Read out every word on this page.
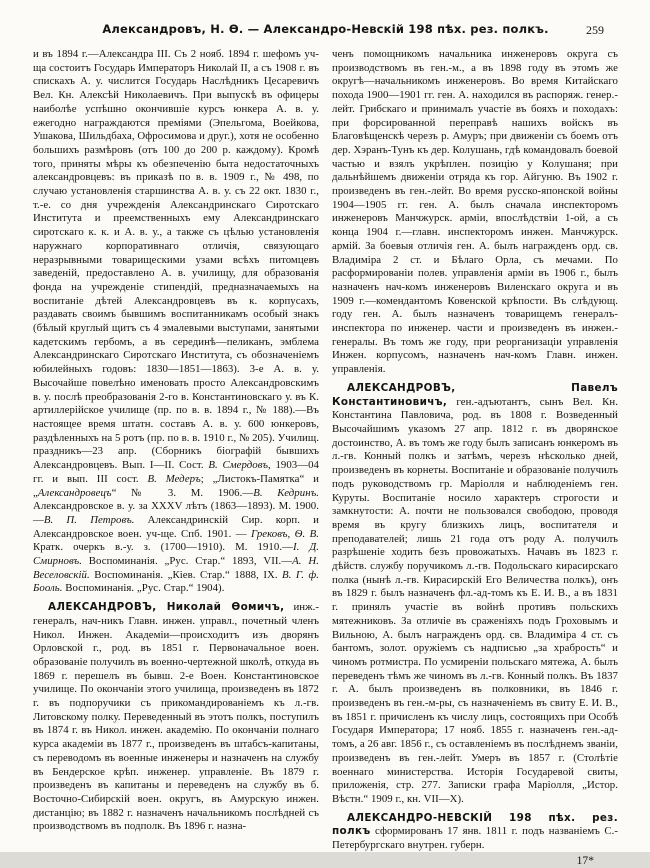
Александровъ, Н. Ѳ. — Александро-Невскій 198 пѣх. рез. полкъ.	259

и въ 1894 г.—Александра III. Съ 2 нояб. 1894 г. шефомъ уч-ща состоитъ Государь Императоръ Николай II, а съ 1908 г. въ спискахъ А. у. числится Государь Наслѣдникъ Цесаревичъ Вел. Кн. Алексѣй Николаевичъ. При выпускѣ въ офицеры наиболѣе успѣшно окончившіе курсъ юнкера А. в. у. ежегодно награждаются преміями (Эпельгома, Воейкова, Ушакова, Шильдбаха, Офросимова и друг.), хотя не особенно большихъ размѣровъ (отъ 100 до 200 р. каждому). Кромѣ того, приняты мѣры къ обезпеченію быта недостаточныхъ александровцевъ: въ приказѣ по в. в. 1909 г., № 498, по случаю установленія старшинства А. в. у. съ 22 окт. 1830 г., т.-е. со дня учрежденія Александринскаго Сиротскаго Института и преемственныхъ ему Александринскаго сиротскаго к. к. и А. в. у., а также съ цѣлью установленія наружнаго корпоративнаго отличія, связующаго неразрывными товарищескими узами всѣхъ питомцевъ заведеній, предоставлено А. в. училищу, для образованія фонда на учрежденіе стипендій, предназначаемыхъ на воспитаніе дѣтей Александровцевъ въ к. корпусахъ, раздавать своимъ бывшимъ воспитанникамъ особый знакъ (бѣлый круглый щитъ съ 4 эмалевыми выступами, занятыми кадетскимъ гербомъ, а въ серединѣ—пеликанъ, эмблема Александринскаго Сиротскаго Института, съ обозначеніемъ юбилейныхъ годовъ: 1830—1851—1863). 3-е А. в. у. Высочайше повелѣно именовать просто Александровскимъ в. у. послѣ преобразованія 2-го в. Константиновскаго у. въ К. артиллерійское училище (пр. по в. в. 1894 г., № 188).—Въ настоящее время штатн. составъ А. в. у. 600 юнкеровъ, раздѣленныхъ на 5 ротъ (пр. по в. в. 1910 г., № 205). Училищ. праздникъ—23 апр. (Сборникъ біографій бывшихъ Александровцевъ. Вып. I—II. Сост. В. Смердовъ, 1903—04 гг. и вып. III сост. В. Медеръ; „Листокъ-Памятка“ и „Александровецъ“ № 3. М. 1906.—В. Кедринъ. Александровское в. у. за XXXV лѣтъ (1863—1893). М. 1900.—В. П. Петровъ. Александринскій Сир. корп. и Александровское воен. уч-ще. Спб. 1901. — Грековъ, Ѳ. В. Кратк. очеркъ в.-у. з. (1700—1910). М. 1910.—І. Д. Смирновъ. Воспоминанія. „Рус. Стар.“ 1893, VII.—А. Н. Веселовскій. Воспоминанія. „Кіев. Стар.“ 1888, IX. В. Г. ф. Бооль. Воспоминанія. „Рус. Стар.“ 1904).

АЛЕКСАНДРОВЪ, Николай Ѳомичъ, инж.-генералъ, нач-никъ Главн. инжен. управл., почетный членъ Никол. Инжен. Академіи—происходитъ изъ дворянъ Орловской г., род. въ 1851 г. Первоначальное воен. образованіе получилъ въ военно-чертежной школѣ, откуда въ 1869 г. перешелъ въ бывш. 2-е Воен. Константиновское училище. По окончаніи этого училища, произведенъ въ 1872 г. въ подпоручики съ прикомандированіемъ къ л.-гв. Литовскому полку. Переведенный въ этотъ полкъ, поступилъ въ 1874 г. въ Никол. инжен. академію. По окончаніи полнаго курса академіи въ 1877 г., произведенъ въ штабсъ-капитаны, съ переводомъ въ военные инженеры и назначенъ на службу въ Бендерское крѣп. инженер. управленіе. Въ 1879 г. произведенъ въ капитаны и переведенъ на службу въ б. Восточно-Сибирскій воен. округъ, въ Амурскую инжен. дистанцію; въ 1882 г. назначенъ начальникомъ послѣдней съ производствомъ въ подполк. Въ 1896 г. назна-

ченъ помощникомъ начальника инженеровъ округа съ производствомъ въ ген.-м., а въ 1898 году въ этомъ же округѣ—начальникомъ инженеровъ. Во время Китайскаго похода 1900—1901 гг. ген. А. находился въ распоряж. генер.-лейт. Грибскаго и принималъ участіе въ бояхъ и походахъ: при форсированной переправѣ нашихъ войскъ въ Благовѣщенскѣ черезъ р. Амуръ; при движеніи съ боемъ отъ дер. Хэранъ-Тунъ къ дер. Колушань, гдѣ командовалъ боевой частью и взялъ укрѣплен. позицію у Колушаня; при дальнѣйшемъ движеніи отряда къ гор. Айгуню. Въ 1902 г. произведенъ въ ген.-лейт. Во время русско-японской войны 1904—1905 гг. ген. А. былъ сначала инспекторомъ инженеровъ Манчжурск. арміи, впослѣдствіи 1-ой, а съ конца 1904 г.—главн. инспекторомъ инжен. Манчжурск. армій. За боевыя отличія ген. А. былъ награжденъ орд. св. Владиміра 2 ст. и Бѣлаго Орла, съ мечами. По расформированіи полев. управленія арміи въ 1906 г., былъ назначенъ нач-комъ инженеровъ Виленскаго округа и въ 1909 г.—комендантомъ Ковенской крѣпости. Въ слѣдующ. году ген. А. былъ назначенъ товарищемъ генералъ-инспектора по инженер. части и произведенъ въ инжен.-генералы. Въ томъ же году, при реорганизаціи управленія Инжен. корпусомъ, назначенъ нач-комъ Главн. инжен. управленія.

АЛЕКСАНДРОВЪ, Павелъ Константиновичъ, ген.-адъютантъ, сынъ Вел. Кн. Константина Павловича, род. въ 1808 г. Возведенный Высочайшимъ указомъ 27 апр. 1812 г. въ дворянское достоинство, А. въ томъ же году былъ записанъ юнкеромъ въ л.-гв. Конный полкъ и затѣмъ, черезъ нѣсколько дней, произведенъ въ корнеты. Воспитаніе и образованіе получилъ подъ руководствомъ гр. Маріолля и наблюденіемъ ген. Куруты. Воспитаніе носило характеръ строгости и замкнутости: А. почти не пользовался свободою, проводя время въ кругу близкихъ лицъ, воспитателя и преподавателей; лишь 21 года отъ роду А. получилъ разрѣшеніе ходить безъ провожатыхъ. Начавъ въ 1823 г. дѣйств. службу поручикомъ л.-гв. Подольскаго кирасирскаго полка (нынѣ л.-гв. Кирасирскій Его Величества полкъ), онъ въ 1829 г. былъ назначенъ фл.-ад-томъ къ Е. И. В., а въ 1831 г. принялъ участіе въ войнѣ противъ польскихъ мятежниковъ. За отличіе въ сраженіяхъ подъ Гроховымъ и Вильною, А. былъ награжденъ орд. св. Владиміра 4 ст. съ бантомъ, золот. оружіемъ съ надписью „за храбрость“ и чиномъ ротмистра. По усмиреніи польскаго мятежа, А. былъ переведенъ тѣмъ же чиномъ въ л.-гв. Конный полкъ. Въ 1837 г. А. былъ произведенъ въ полковники, въ 1846 г. произведенъ въ ген.-м-ры, съ назначеніемъ въ свиту Е. И. В., въ 1851 г. причисленъ къ числу лицъ, состоящихъ при Особѣ Государя Императора; 17 нояб. 1855 г. назначенъ ген.-ад-томъ, а 26 авг. 1856 г., съ оставленіемъ въ послѣднемъ званіи, произведенъ въ ген.-лейт. Умеръ въ 1857 г. (Столѣтіе военнаго министерства. Исторія Государевой свиты, приложенія, стр. 277. Записки графа Маріолля, „Истор. Вѣстн.“ 1909 г., кн. VII—X).

АЛЕКСАНДРО-НЕВСКІЙ 198 пѣх. рез. полкъ сформированъ 17 янв. 1811 г. подъ названіемъ С.-Петербургскаго внутрен. губерн.

17*
